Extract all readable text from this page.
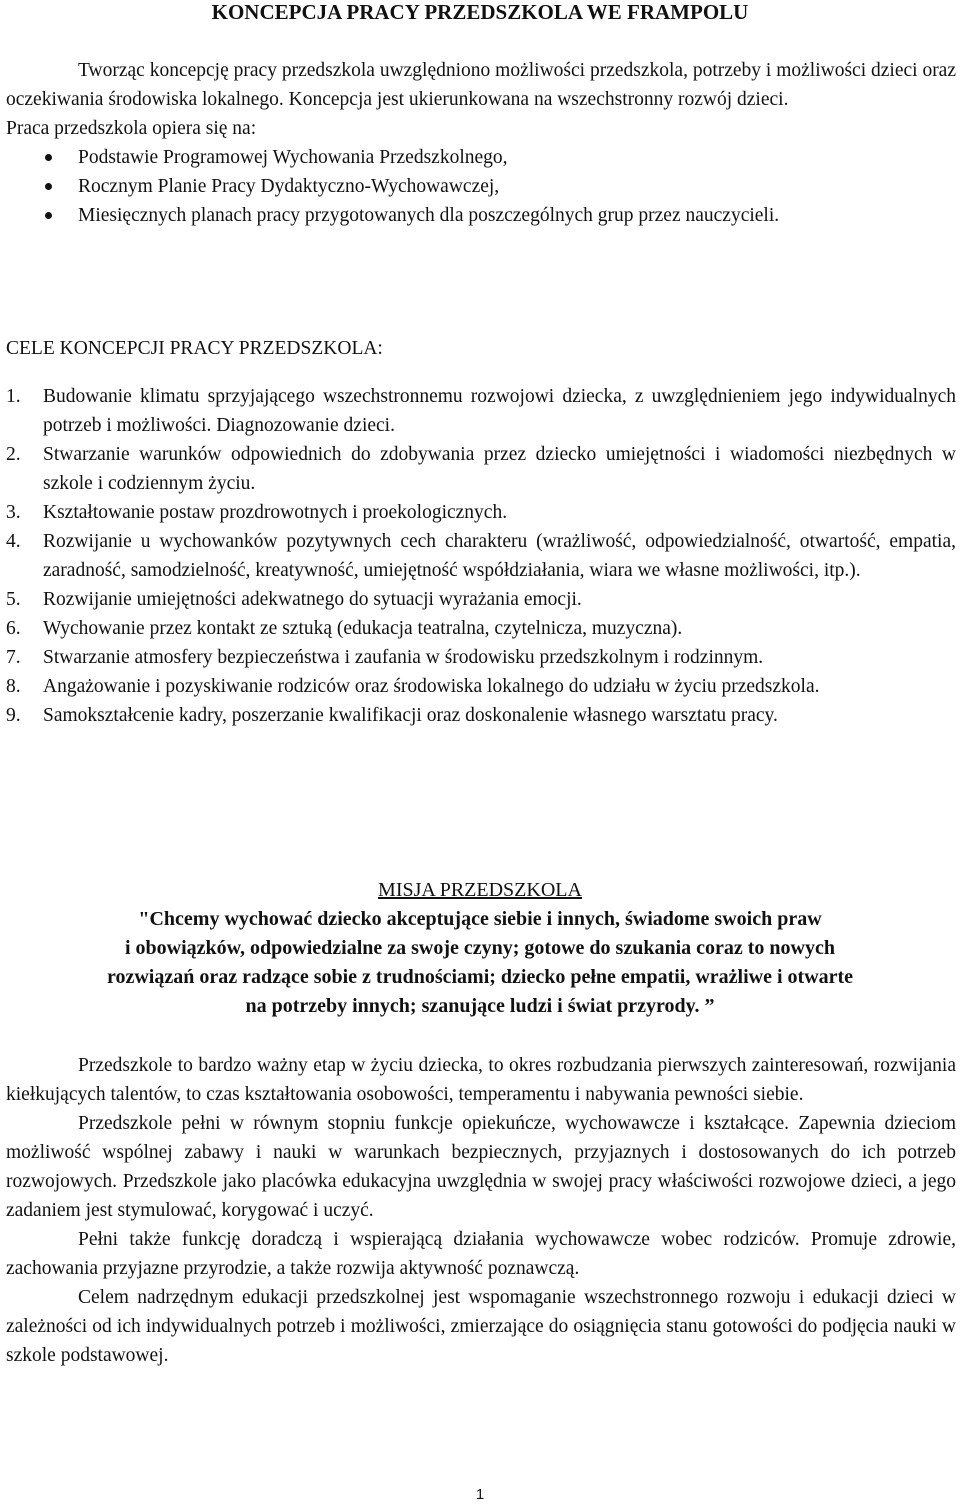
KONCEPCJA PRACY PRZEDSZKOLA WE FRAMPOLU

Tworząc koncepcję pracy przedszkola uwzględniono możliwości przedszkola, potrzeby i możliwości dzieci oraz oczekiwania środowiska lokalnego. Koncepcja jest ukierunkowana na wszechstronny rozwój dzieci.

Praca przedszkola opiera się na:

Podstawie Programowej Wychowania Przedszkolnego,
Rocznym Planie Pracy Dydaktyczno-Wychowawczej,
Miesięcznych planach pracy przygotowanych dla poszczególnych grup przez nauczycieli.
CELE KONCEPCJI PRACY PRZEDSZKOLA:
1. Budowanie klimatu sprzyjającego wszechstronnemu rozwojowi dziecka, z uwzględnieniem jego indywidualnych potrzeb i możliwości. Diagnozowanie dzieci.
2. Stwarzanie warunków odpowiednich do zdobywania przez dziecko umiejętności i wiadomości niezbędnych w szkole i codziennym życiu.
3. Kształtowanie postaw prozdrowotnych i proekologicznych.
4. Rozwijanie u wychowanków pozytywnych cech charakteru (wrażliwość, odpowiedzialność, otwartość, empatia, zaradność, samodzielność, kreatywność, umiejętność współdziałania, wiara we własne możliwości, itp.).
5. Rozwijanie umiejętności adekwatnego do sytuacji wyrażania emocji.
6. Wychowanie przez kontakt ze sztuką (edukacja teatralna, czytelnicza, muzyczna).
7. Stwarzanie atmosfery bezpieczeństwa i zaufania w środowisku przedszkolnym i rodzinnym.
8. Angażowanie i pozyskiwanie rodziców oraz środowiska lokalnego do udziału w życiu przedszkola.
9. Samokształcenie kadry, poszerzanie kwalifikacji oraz doskonalenie własnego warsztatu pracy.
MISJA PRZEDSZKOLA
"Chcemy wychować dziecko akceptujące siebie i innych, świadome swoich praw
i obowiązków, odpowiedzialne za swoje czyny; gotowe do szukania coraz to nowych
rozwiązań oraz radzące sobie z trudnościami; dziecko pełne empatii, wrażliwe i otwarte
na potrzeby innych; szanujące ludzi i świat przyrody. ”

Przedszkole to bardzo ważny etap w życiu dziecka, to okres rozbudzania pierwszych zainteresowań, rozwijania kiełkujących talentów, to czas kształtowania osobowości, temperamentu i nabywania pewności siebie.

Przedszkole pełni w równym stopniu funkcje opiekuńcze, wychowawcze i kształcące. Zapewnia dzieciom możliwość wspólnej zabawy i nauki w warunkach bezpiecznych, przyjaznych i dostosowanych do ich potrzeb rozwojowych. Przedszkole jako placówka edukacyjna uwzględnia w swojej pracy właściwości rozwojowe dzieci, a jego zadaniem jest stymulować, korygować i uczyć.

Pełni także funkcję doradczą i wspierającą działania wychowawcze wobec rodziców. Promuje zdrowie, zachowania przyjazne przyrodzie, a także rozwija aktywność poznawczą.

Celem nadrzędnym edukacji przedszkolnej jest wspomaganie wszechstronnego rozwoju i edukacji dzieci w zależności od ich indywidualnych potrzeb i możliwości, zmierzające do osiągnięcia stanu gotowości do podjęcia nauki w szkole podstawowej.

1
